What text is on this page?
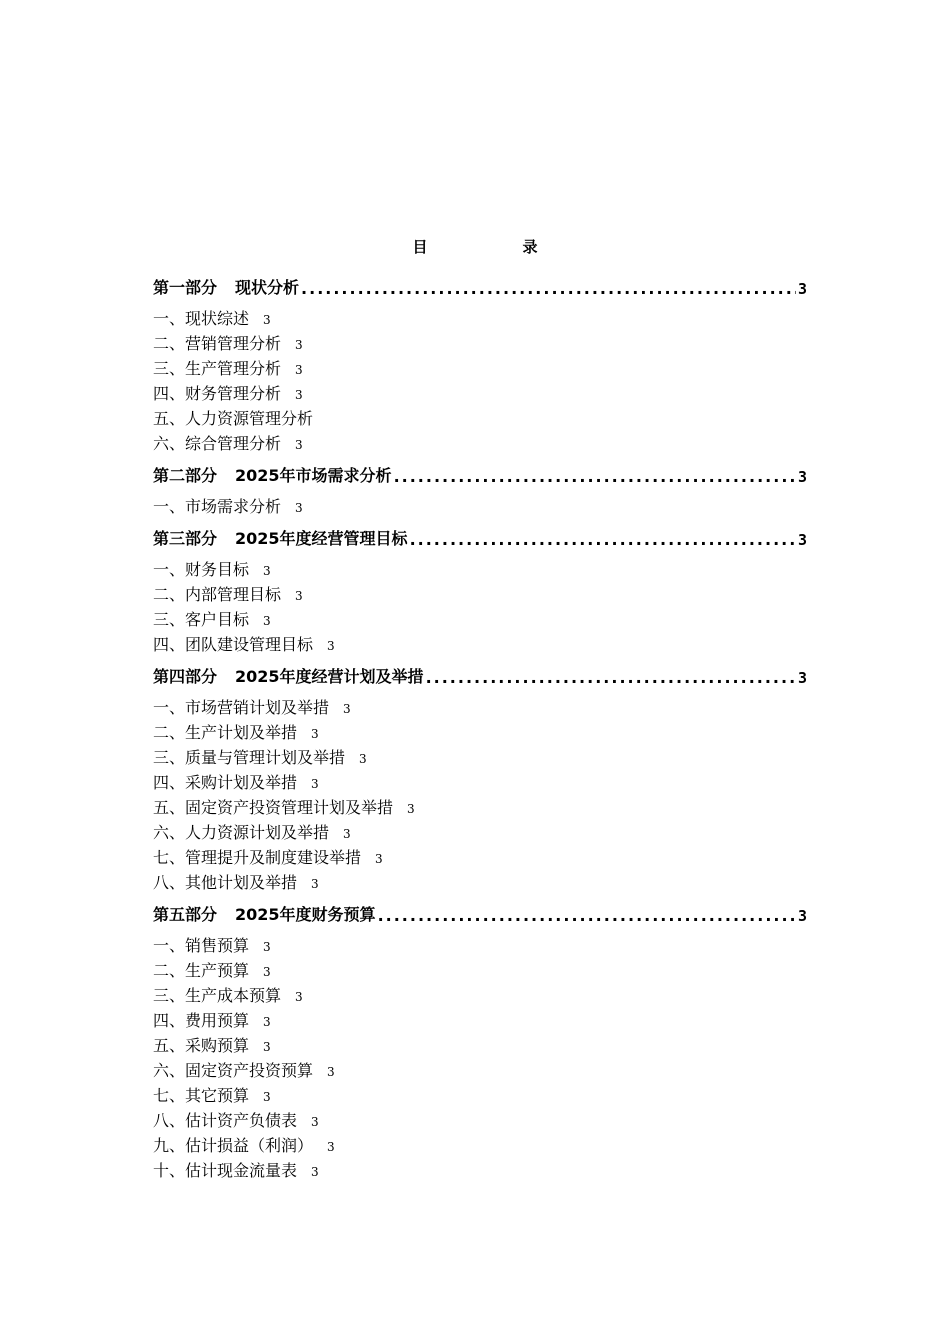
目　录
第一部分 现状分析 .....	3
一、现状综述 3
二、营销管理分析 3
三、生产管理分析 3
四、财务管理分析 3
五、人力资源管理分析
六、综合管理分析 3
第二部分 2025年市场需求分析 .....	3
一、市场需求分析 3
第三部分 2025年度经营管理目标 .....	3
一、财务目标 3
二、内部管理目标 3
三、客户目标 3
四、团队建设管理目标 3
第四部分 2025年度经营计划及举措 .....	3
一、市场营销计划及举措 3
二、生产计划及举措 3
三、质量与管理计划及举措 3
四、采购计划及举措 3
五、固定资产投资管理计划及举措 3
六、人力资源计划及举措 3
七、管理提升及制度建设举措 3
八、其他计划及举措 3
第五部分 2025年度财务预算 .....	3
一、销售预算 3
二、生产预算 3
三、生产成本预算 3
四、费用预算 3
五、采购预算 3
六、固定资产投资预算 3
七、其它预算 3
八、估计资产负债表 3
九、估计损益（利润） 3
十、估计现金流量表 3
